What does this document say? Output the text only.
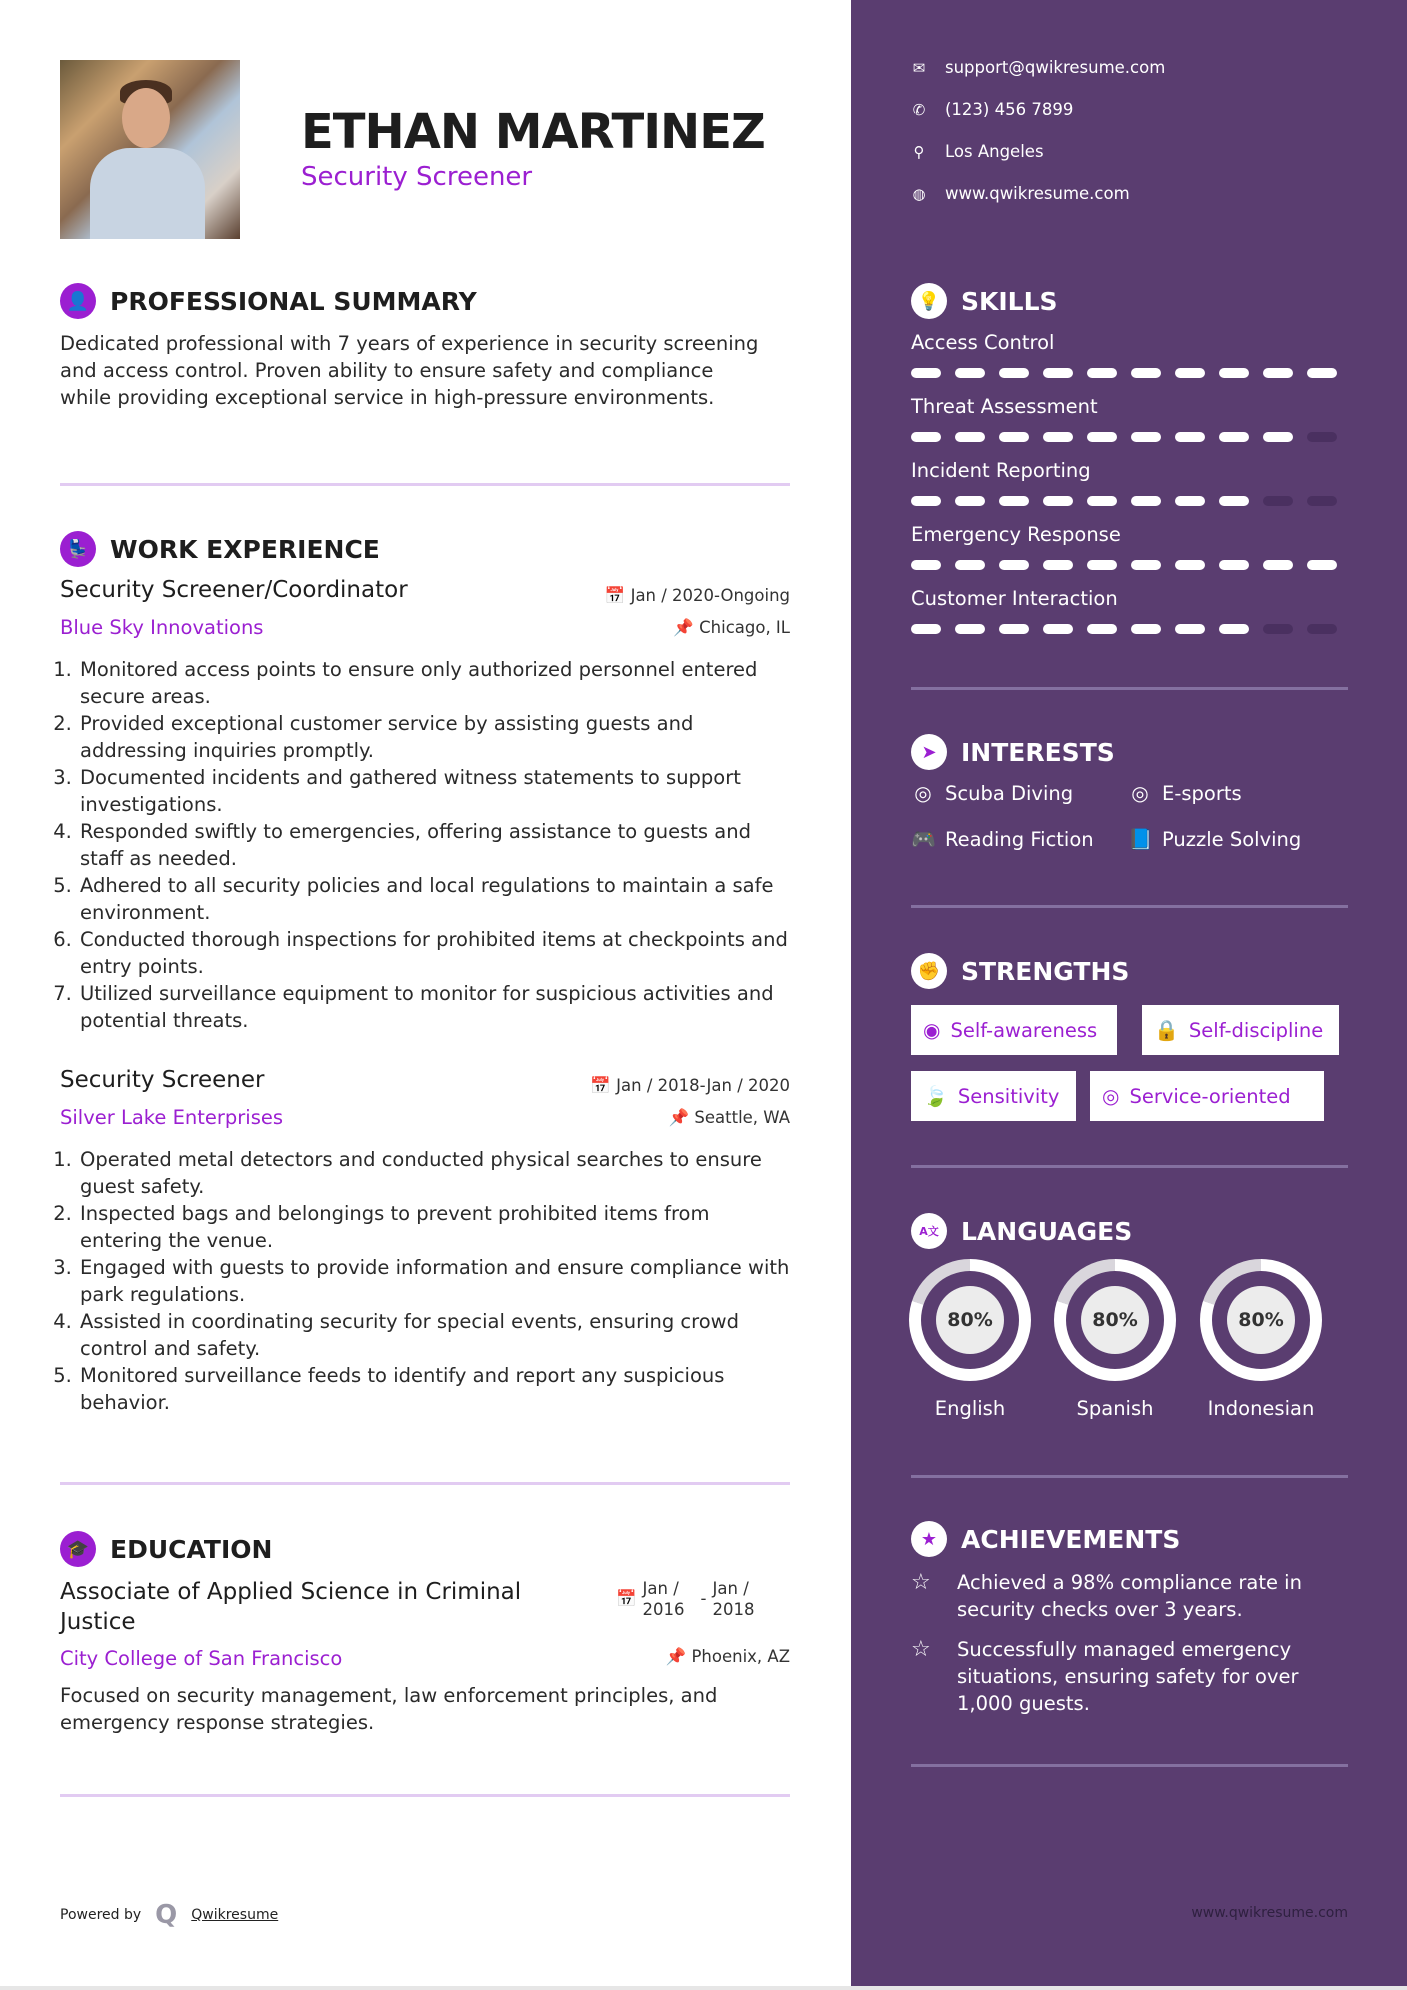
ETHAN MARTINEZ
Security Screener
👤 PROFESSIONAL SUMMARY
Dedicated professional with 7 years of experience in security screening and access control. Proven ability to ensure safety and compliance while providing exceptional service in high-pressure environments.
💺 WORK EXPERIENCE
Security Screener/Coordinator
Blue Sky Innovations
📅 Jan / 2020-Ongoing
📌 Chicago, IL
1. Monitored access points to ensure only authorized personnel entered secure areas.
2. Provided exceptional customer service by assisting guests and addressing inquiries promptly.
3. Documented incidents and gathered witness statements to support investigations.
4. Responded swiftly to emergencies, offering assistance to guests and staff as needed.
5. Adhered to all security policies and local regulations to maintain a safe environment.
6. Conducted thorough inspections for prohibited items at checkpoints and entry points.
7. Utilized surveillance equipment to monitor for suspicious activities and potential threats.
Security Screener
Silver Lake Enterprises
📅 Jan / 2018-Jan / 2020
📌 Seattle, WA
1. Operated metal detectors and conducted physical searches to ensure guest safety.
2. Inspected bags and belongings to prevent prohibited items from entering the venue.
3. Engaged with guests to provide information and ensure compliance with park regulations.
4. Assisted in coordinating security for special events, ensuring crowd control and safety.
5. Monitored surveillance feeds to identify and report any suspicious behavior.
🎓 EDUCATION
Associate of Applied Science in Criminal Justice
City College of San Francisco
📅
Jan / 2016
-
Jan / 2018
📌 Phoenix, AZ
Focused on security management, law enforcement principles, and emergency response strategies.
Powered by Q Qwikresume	www.qwikresume.com
✉ support@qwikresume.com
✆ (123) 456 7899
⚲ Los Angeles
◍ www.qwikresume.com
💡 SKILLS
Access Control
Threat Assessment
Incident Reporting
Emergency Response
Customer Interaction
➤ INTERESTS
◎ Scuba Diving	◎ E-sports
🎮 Reading Fiction 📘 Puzzle Solving
✊ STRENGTHS
◉ Self-awareness	🔒 Self-discipline
🍃 Sensitivity ◎ Service-oriented
A文 LANGUAGES
80%
English
80%
Spanish
80%
Indonesian
★ ACHIEVEMENTS
☆	Achieved a 98% compliance rate in security checks over 3 years.
☆	Successfully managed emergency situations, ensuring safety for over 1,000 guests.
